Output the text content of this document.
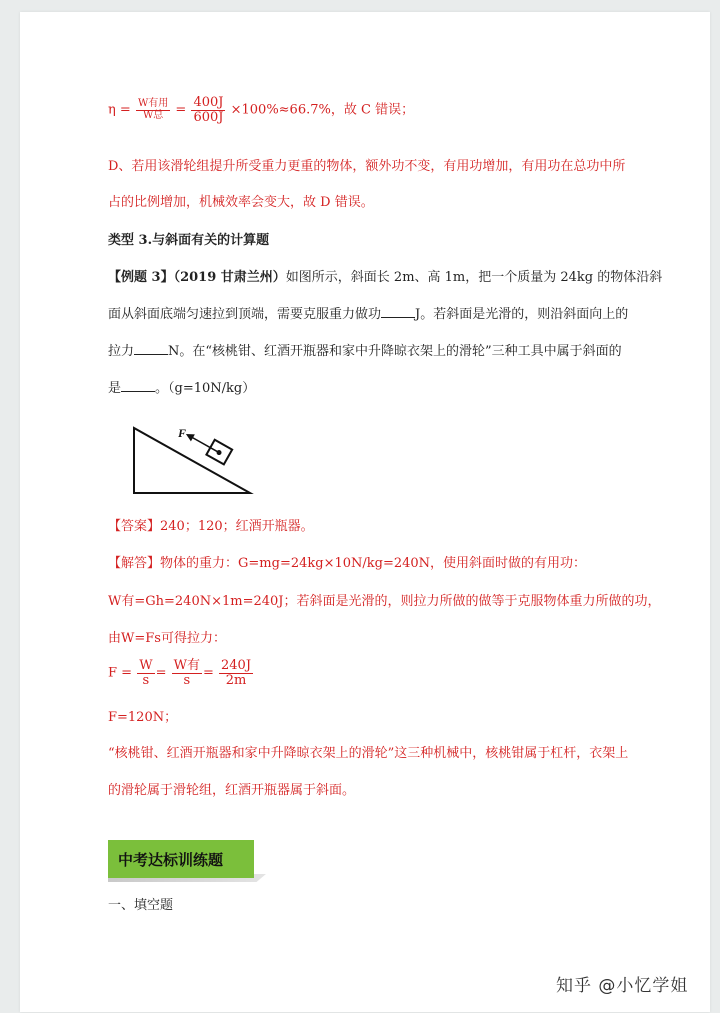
$\eta = \frac{\text{W有用}}{\text{W总}} = \frac{400J}{600J} \times 100\%\approx 66.7\%$，故 C 错误；
D、若用该滑轮组提升所受重力更重的物体，额外功不变，有用功增加，有用功在总功中所
占的比例增加，机械效率会变大，故 D 错误。
类型 3.与斜面有关的计算题
【例题 3】（2019 甘肃兰州）如图所示，斜面长 2m、高 1m，把一个质量为 24kg 的物体沿斜
面从斜面底端匀速拉到顶端，需要克服重力做功	J。若斜面是光滑的，则沿斜面向上的
拉力	N。在“核桃钳、红酒开瓶器和家中升降晾衣架上的滑轮”三种工具中属于斜面的
是	。（g=10N/kg）
F
【答案】240；120；红酒开瓶器。
【解答】物体的重力：G=mg=24kg×10N/kg=240N，使用斜面时做的有用功：
W有=Gh=240N×1m=240J；若斜面是光滑的，则拉力所做的做等于克服物体重力所做的功，
由W=Fs可得拉力：
$F = \frac{W}{s} = \frac{\text{W有}}{s} = \frac{240J}{2m}$
F=120N；
“核桃钳、红酒开瓶器和家中升降晾衣架上的滑轮”这三种机械中，核桃钳属于杠杆，衣架上
的滑轮属于滑轮组，红酒开瓶器属于斜面。
中考达标训练题
一、填空题
知乎 @小忆学姐
